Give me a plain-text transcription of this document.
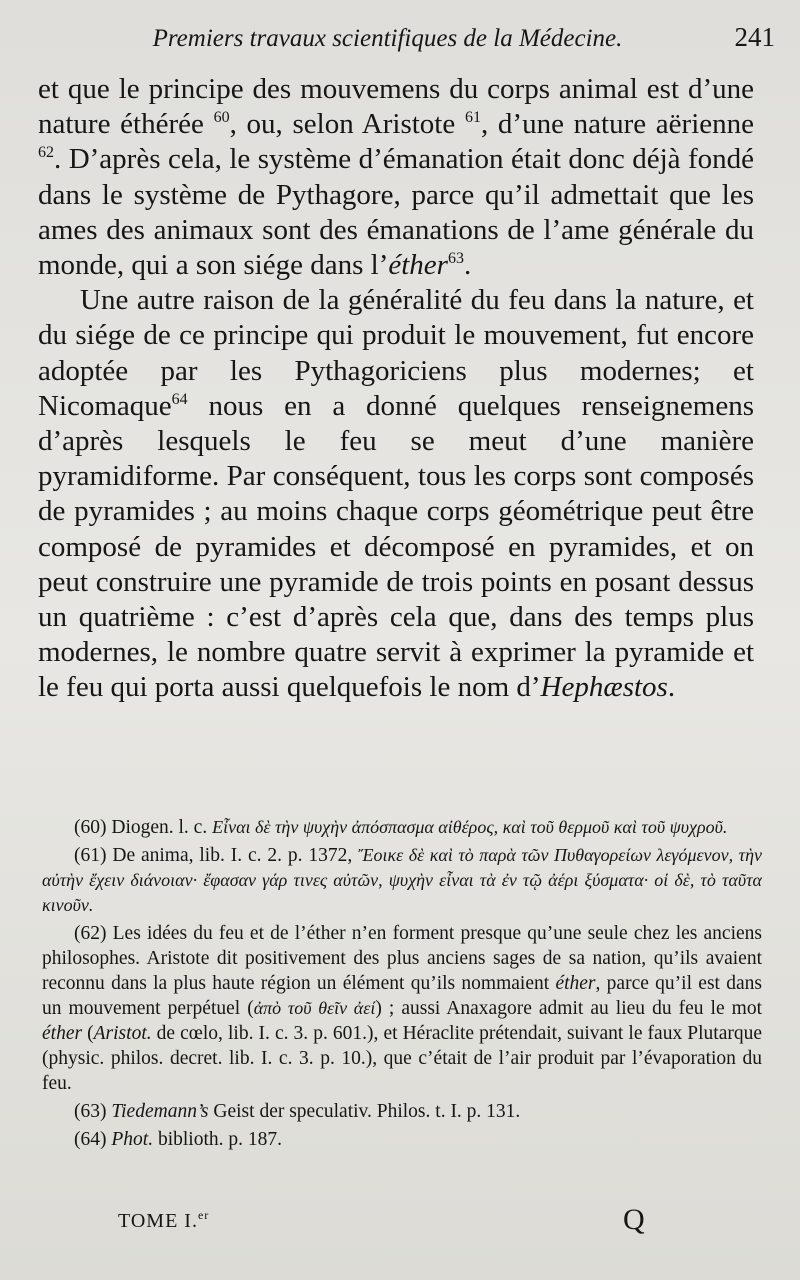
Premiers travaux scientifiques de la Médecine.	241

et que le principe des mouvemens du corps animal est d’une nature éthérée $^{60}$, ou, selon Aristote $^{61}$, d’une nature aërienne $^{62}$. D’après cela, le système d’émanation était donc déjà fondé dans le système de Pythagore, parce qu’il admettait que les ames des animaux sont des émanations de l’ame générale du monde, qui a son siége dans l’éther$^{63}$.

Une autre raison de la généralité du feu dans la nature, et du siége de ce principe qui produit le mouvement, fut encore adoptée par les Pythagoriciens plus modernes; et Nicomaque$^{64}$ nous en a donné quelques renseignemens d’après lesquels le feu se meut d’une manière pyramidiforme. Par conséquent, tous les corps sont composés de pyramides ; au moins chaque corps géométrique peut être composé de pyramides et décomposé en pyramides, et on peut construire une pyramide de trois points en posant dessus un quatrième : c’est d’après cela que, dans des temps plus modernes, le nombre quatre servit à exprimer la pyramide et le feu qui porta aussi quelquefois le nom d’Hephæstos.

(60) Diogen. l. c. Εἶναι δὲ τὴν ψυχὴν ἀπόσπασμα αἰθέρος, καὶ τοῦ θερμοῦ καὶ τοῦ ψυχροῦ.

(61) De anima, lib. I. c. 2. p. 1372, Ἔοικε δὲ καὶ τὸ παρὰ τῶν Πυθαγορείων λεγόμενον, τὴν αὐτὴν ἔχειν διάνοιαν· ἔφασαν γάρ τινες αὐτῶν, ψυχὴν εἶναι τὰ ἐν τῷ ἀέρι ξύσματα· οἱ δὲ, τὸ ταῦτα κινοῦν.

(62) Les idées du feu et de l’éther n’en forment presque qu’une seule chez les anciens philosophes. Aristote dit positivement des plus anciens sages de sa nation, qu’ils avaient reconnu dans la plus haute région un élément qu’ils nommaient éther, parce qu’il est dans un mouvement perpétuel (ἀπὸ τοῦ θεῖν ἀεί) ; aussi Anaxagore admit au lieu du feu le mot éther (Aristot. de cœlo, lib. I. c. 3. p. 601.), et Héraclite prétendait, suivant le faux Plutarque (physic. philos. decret. lib. I. c. 3. p. 10.), que c’était de l’air produit par l’évaporation du feu.

(63) Tiedemann’s Geist der speculativ. Philos. t. I. p. 131.

(64) Phot. biblioth. p. 187.

TOME I.$^{er}$	Q
